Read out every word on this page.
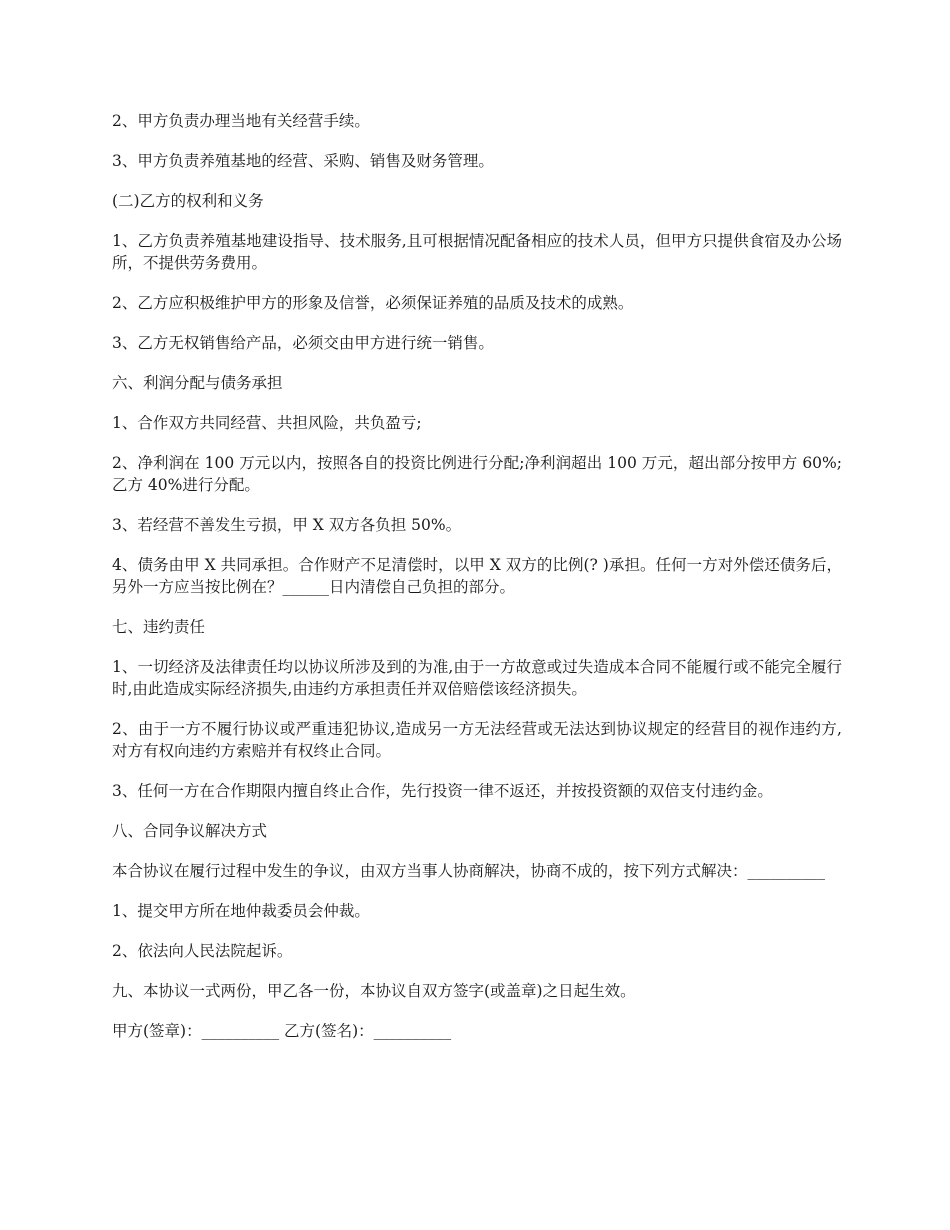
2、甲方负责办理当地有关经营手续。

3、甲方负责养殖基地的经营、采购、销售及财务管理。

(二)乙方的权利和义务

1、乙方负责养殖基地建设指导、技术服务,且可根据情况配备相应的技术人员，但甲方只提供食宿及办公场所，不提供劳务费用。

2、乙方应积极维护甲方的形象及信誉，必须保证养殖的品质及技术的成熟。

3、乙方无权销售给产品，必须交由甲方进行统一销售。

六、利润分配与债务承担

1、合作双方共同经营、共担风险，共负盈亏;

2、净利润在 100 万元以内，按照各自的投资比例进行分配;净利润超出 100 万元，超出部分按甲方 60%;乙方 40%进行分配。

3、若经营不善发生亏损，甲 X 双方各负担 50%。

4、债务由甲 X 共同承担。合作财产不足清偿时，以甲 X 双方的比例(? )承担。任何一方对外偿还债务后，另外一方应当按比例在？______日内清偿自己负担的部分。

七、违约责任

1、一切经济及法律责任均以协议所涉及到的为准,由于一方故意或过失造成本合同不能履行或不能完全履行时,由此造成实际经济损失,由违约方承担责任并双倍赔偿该经济损失。

2、由于一方不履行协议或严重违犯协议,造成另一方无法经营或无法达到协议规定的经营目的视作违约方,对方有权向违约方索赔并有权终止合同。

3、任何一方在合作期限内擅自终止合作，先行投资一律不返还，并按投资额的双倍支付违约金。

八、合同争议解决方式

本合协议在履行过程中发生的争议，由双方当事人协商解决，协商不成的，按下列方式解决：__________

1、提交甲方所在地仲裁委员会仲裁。

2、依法向人民法院起诉。

九、本协议一式两份，甲乙各一份，本协议自双方签字(或盖章)之日起生效。

甲方(签章)：__________ 乙方(签名)：__________
